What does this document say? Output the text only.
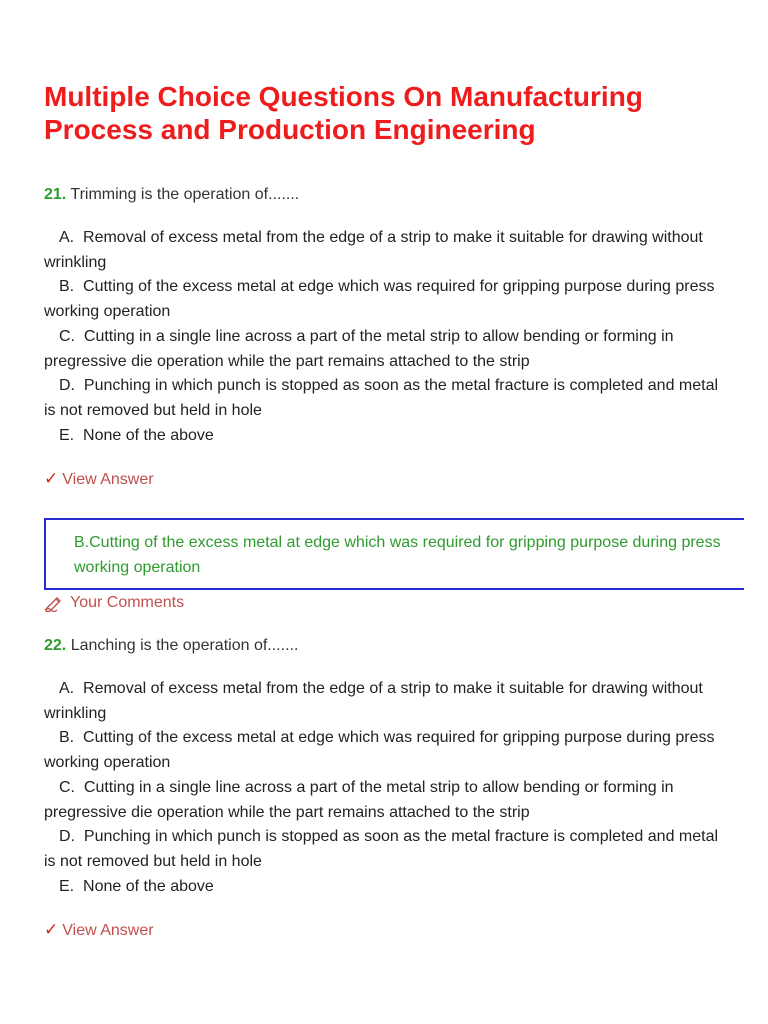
Multiple Choice Questions On Manufacturing Process and Production Engineering

21. Trimming is the operation of.......

A. Removal of excess metal from the edge of a strip to make it suitable for drawing without wrinkling
B. Cutting of the excess metal at edge which was required for gripping purpose during press working operation
C. Cutting in a single line across a part of the metal strip to allow bending or forming in pregressive die operation while the part remains attached to the strip
D. Punching in which punch is stopped as soon as the metal fracture is completed and metal is not removed but held in hole
E. None of the above
✓ View Answer
B.Cutting of the excess metal at edge which was required for gripping purpose during press working operation
Your Comments

22. Lanching is the operation of.......

A. Removal of excess metal from the edge of a strip to make it suitable for drawing without wrinkling
B. Cutting of the excess metal at edge which was required for gripping purpose during press working operation
C. Cutting in a single line across a part of the metal strip to allow bending or forming in pregressive die operation while the part remains attached to the strip
D. Punching in which punch is stopped as soon as the metal fracture is completed and metal is not removed but held in hole
E. None of the above
✓ View Answer
